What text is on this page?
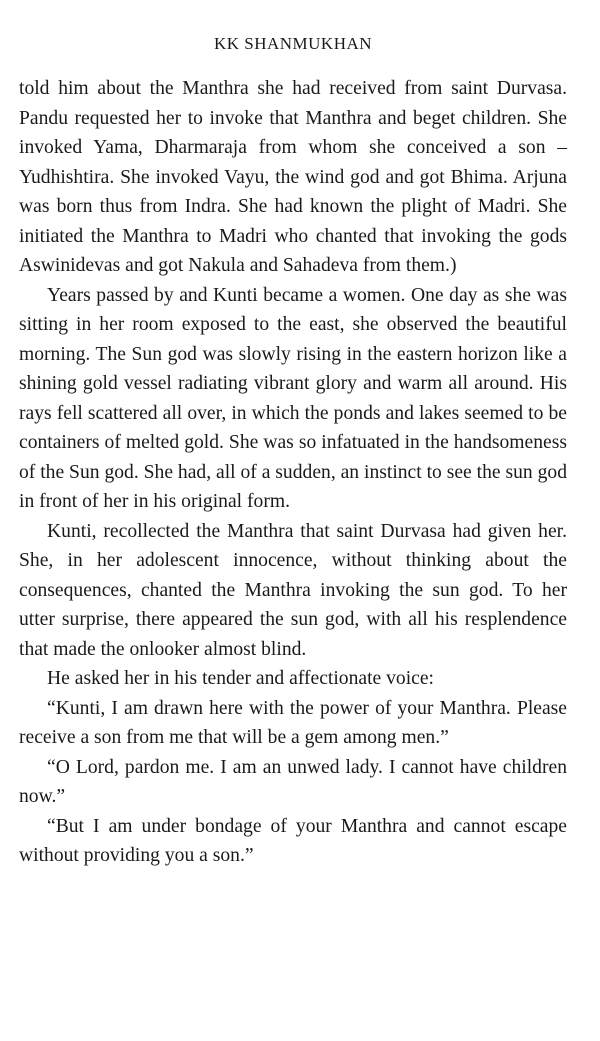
KK SHANMUKHAN

told him about the Manthra she had received from saint Durvasa. Pandu requested her to invoke that Manthra and beget children. She invoked Yama, Dharmaraja from whom she conceived a son – Yudhishtira. She invoked Vayu, the wind god and got Bhima. Arjuna was born thus from Indra. She had known the plight of Madri. She initiated the Manthra to Madri who chanted that invoking the gods Aswinidevas and got Nakula and Sahadeva from them.)

Years passed by and Kunti became a women. One day as she was sitting in her room exposed to the east, she observed the beautiful morning. The Sun god was slowly rising in the eastern horizon like a shining gold vessel radiating vibrant glory and warm all around. His rays fell scattered all over, in which the ponds and lakes seemed to be containers of melted gold. She was so infatuated in the handsomeness of the Sun god. She had, all of a sudden, an instinct to see the sun god in front of her in his original form.

Kunti, recollected the Manthra that saint Durvasa had given her. She, in her adolescent innocence, without thinking about the consequences, chanted the Manthra invoking the sun god. To her utter surprise, there appeared the sun god, with all his resplendence that made the onlooker almost blind.

He asked her in his tender and affectionate voice:

“Kunti, I am drawn here with the power of your Manthra. Please receive a son from me that will be a gem among men.”

“O Lord, pardon me. I am an unwed lady. I cannot have children now.”

“But I am under bondage of your Manthra and cannot escape without providing you a son.”
